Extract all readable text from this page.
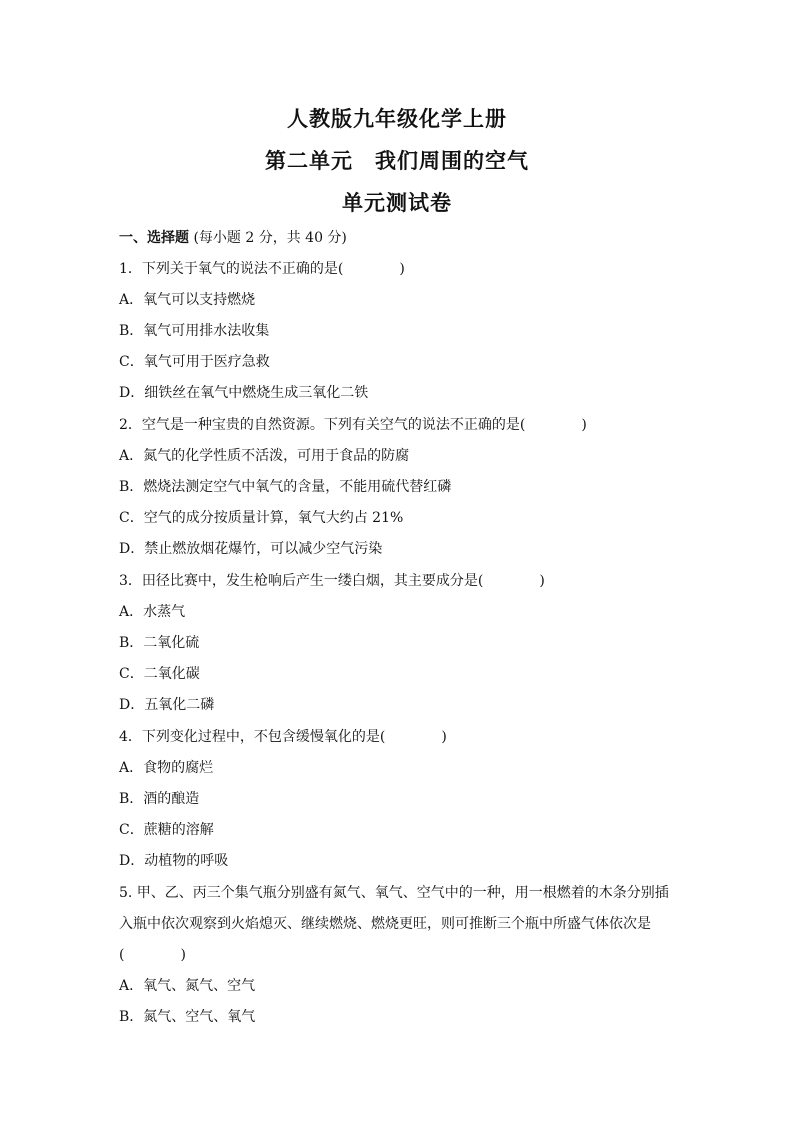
人教版九年级化学上册
第二单元　我们周围的空气
单元测试卷
一、选择题 (每小题 2 分，共 40 分)
1．下列关于氧气的说法不正确的是(　　　　)
A．氧气可以支持燃烧
B．氧气可用排水法收集
C．氧气可用于医疗急救
D．细铁丝在氧气中燃烧生成三氧化二铁
2．空气是一种宝贵的自然资源。下列有关空气的说法不正确的是(　　　　)
A．氮气的化学性质不活泼，可用于食品的防腐
B．燃烧法测定空气中氧气的含量，不能用硫代替红磷
C．空气的成分按质量计算，氧气大约占 21%
D．禁止燃放烟花爆竹，可以减少空气污染
3．田径比赛中，发生枪响后产生一缕白烟，其主要成分是(　　　　)
A．水蒸气
B．二氧化硫
C．二氧化碳
D．五氧化二磷
4．下列变化过程中，不包含缓慢氧化的是(　　　　)
A．食物的腐烂
B．酒的酿造
C．蔗糖的溶解
D．动植物的呼吸
5. 甲、乙、丙三个集气瓶分别盛有氮气、氧气、空气中的一种，用一根燃着的木条分别插
入瓶中依次观察到火焰熄灭、继续燃烧、燃烧更旺，则可推断三个瓶中所盛气体依次是
(　　　　)
A．氧气、氮气、空气
B．氮气、空气、氧气
